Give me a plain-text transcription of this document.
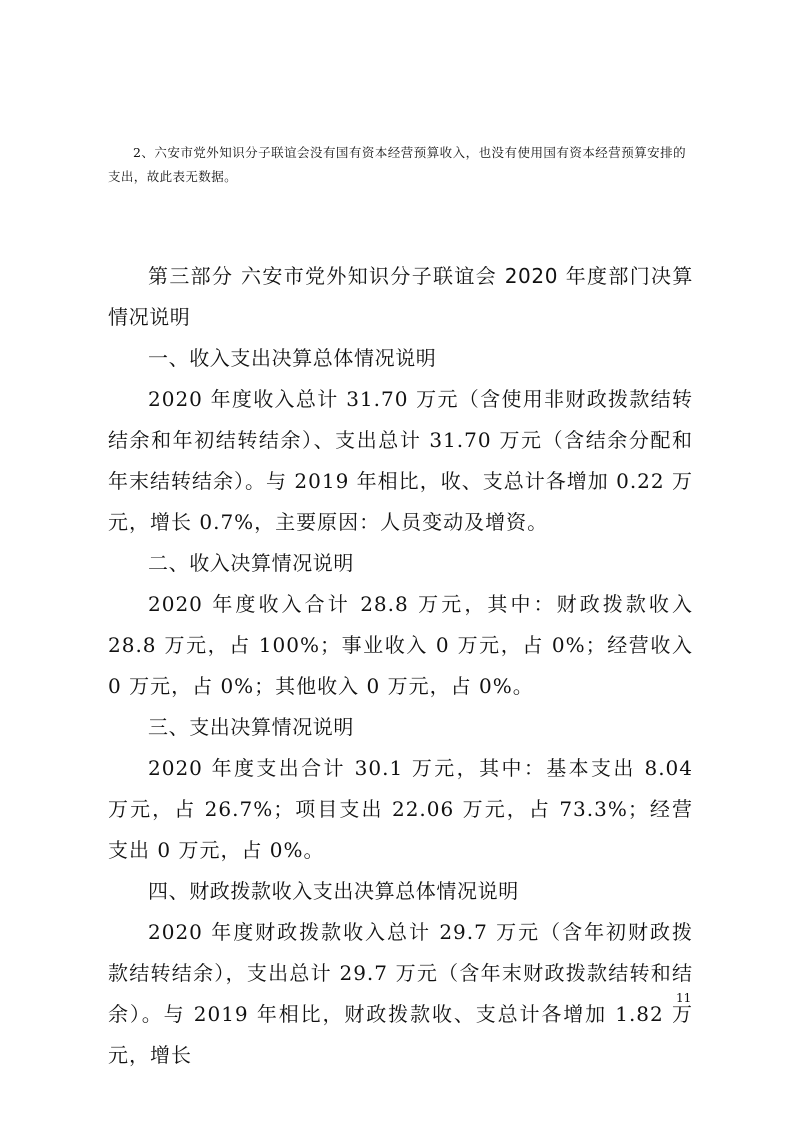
2、六安市党外知识分子联谊会没有国有资本经营预算收入，也没有使用国有资本经营预算安排的支出，故此表无数据。

第三部分 六安市党外知识分子联谊会 2020 年度部门决算情况说明

一、收入支出决算总体情况说明

2020 年度收入总计 31.70 万元（含使用非财政拨款结转结余和年初结转结余）、支出总计 31.70 万元（含结余分配和年末结转结余）。与 2019 年相比，收、支总计各增加 0.22 万元，增长 0.7%，主要原因：人员变动及增资。

二、收入决算情况说明

2020 年度收入合计 28.8 万元，其中：财政拨款收入 28.8 万元，占 100%；事业收入 0 万元，占 0%；经营收入 0 万元，占 0%；其他收入 0 万元，占 0%。

三、支出决算情况说明

2020 年度支出合计 30.1 万元，其中：基本支出 8.04 万元，占 26.7%；项目支出 22.06 万元，占 73.3%；经营支出 0 万元，占 0%。

四、财政拨款收入支出决算总体情况说明

2020 年度财政拨款收入总计 29.7 万元（含年初财政拨款结转结余），支出总计 29.7 万元（含年末财政拨款结转和结余）。与 2019 年相比，财政拨款收、支总计各增加 1.82 万元，增长

11
